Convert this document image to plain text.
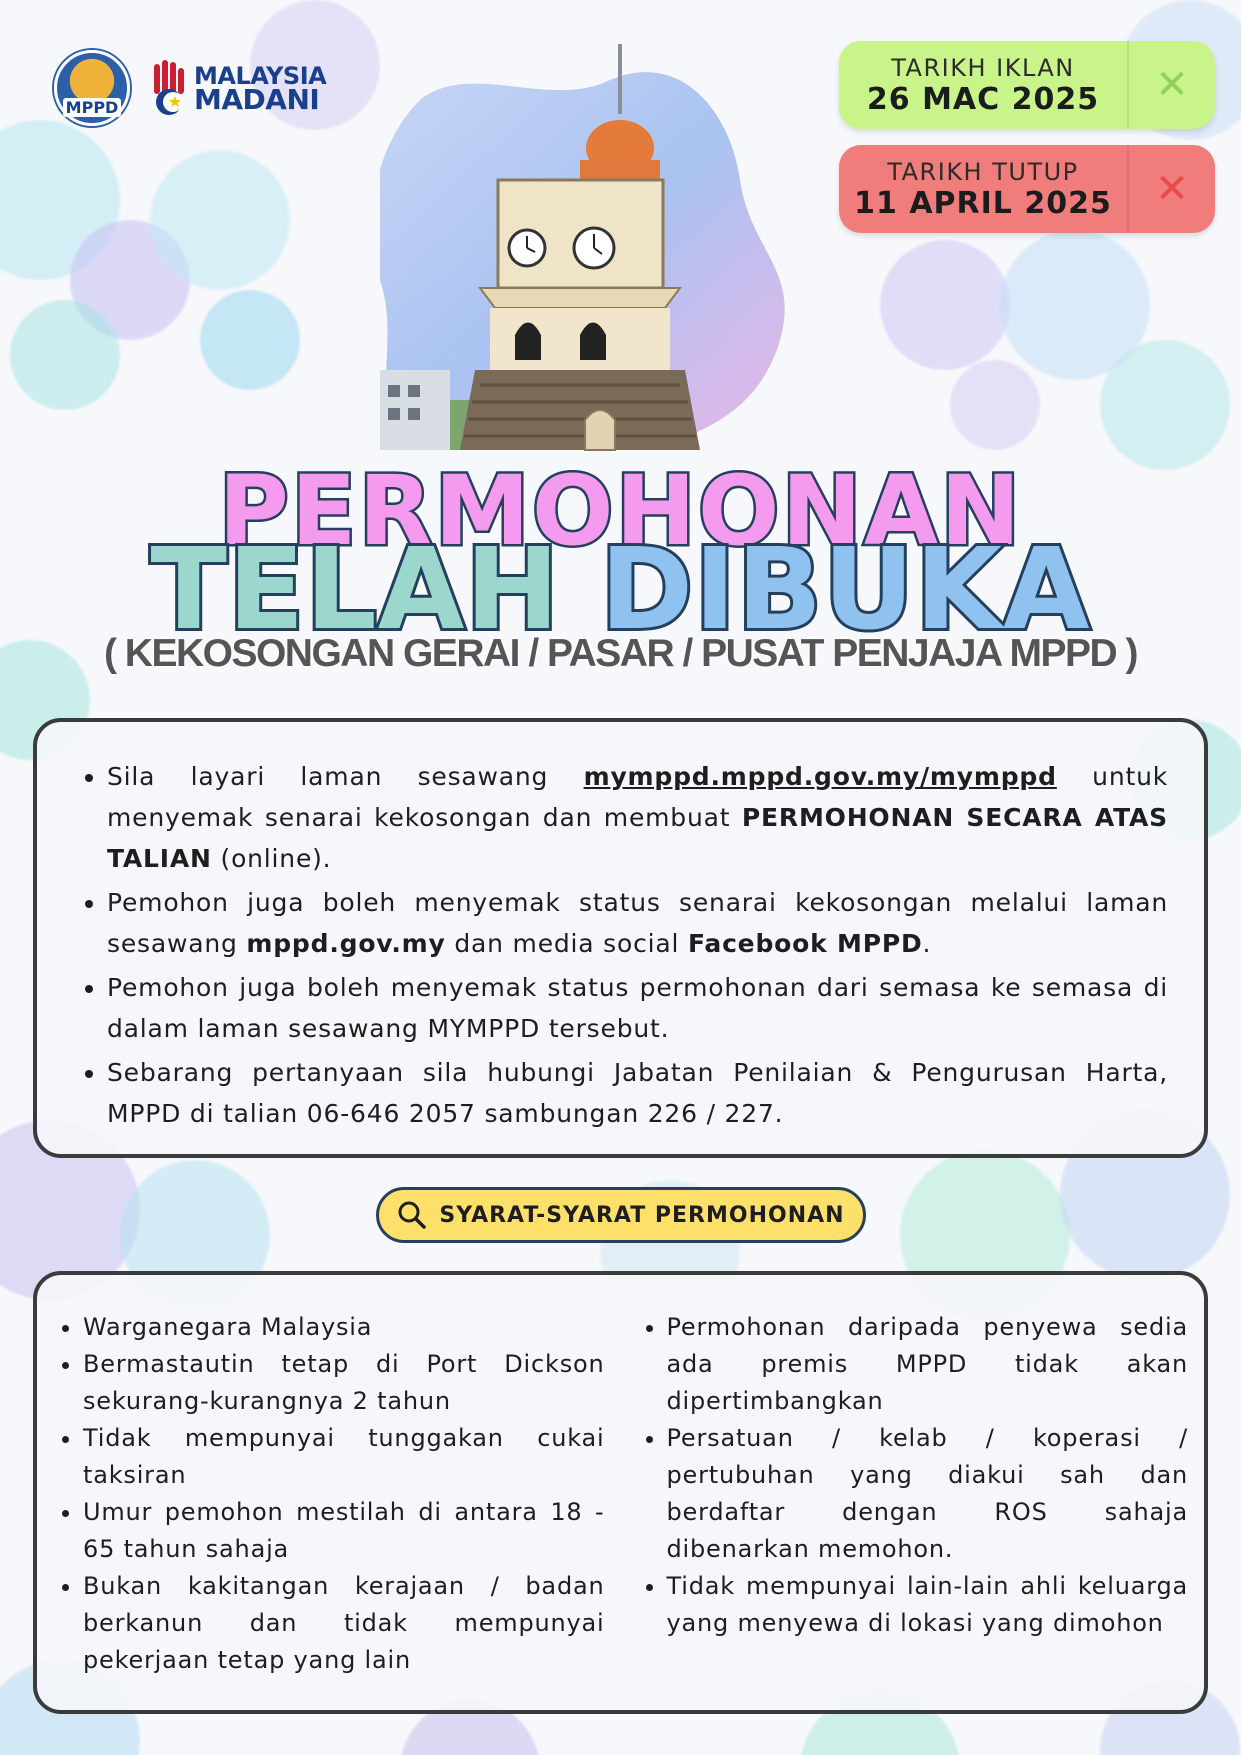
MPPD
MALAYSIA
MADANI
TARIKH IKLAN
26 MAC 2025	✕
TARIKH TUTUP
11 APRIL 2025	✕
PERMOHONAN
TELAH DIBUKA
( KEKOSONGAN GERAI / PASAR / PUSAT PENJAJA MPPD )
• Sila layari laman sesawang mymppd.mppd.gov.my/mymppd untuk menyemak senarai kekosongan dan membuat PERMOHONAN SECARA ATAS TALIAN (online).
• Pemohon juga boleh menyemak status senarai kekosongan melalui laman sesawang mppd.gov.my dan media social Facebook MPPD.
• Pemohon juga boleh menyemak status permohonan dari semasa ke semasa di dalam laman sesawang MYMPPD tersebut.
• Sebarang pertanyaan sila hubungi Jabatan Penilaian & Pengurusan Harta, MPPD di talian 06-646 2057 sambungan 226 / 227.
SYARAT-SYARAT PERMOHONAN
• Warganegara Malaysia
• Bermastautin tetap di Port Dickson sekurang-kurangnya 2 tahun
• Tidak mempunyai tunggakan cukai taksiran
• Umur pemohon mestilah di antara 18 - 65 tahun sahaja
• Bukan kakitangan kerajaan / badan berkanun dan tidak mempunyai pekerjaan tetap yang lain
• Permohonan daripada penyewa sedia ada premis MPPD tidak akan dipertimbangkan
• Persatuan / kelab / koperasi / pertubuhan yang diakui sah dan berdaftar dengan ROS sahaja dibenarkan memohon.
• Tidak mempunyai lain-lain ahli keluarga yang menyewa di lokasi yang dimohon
